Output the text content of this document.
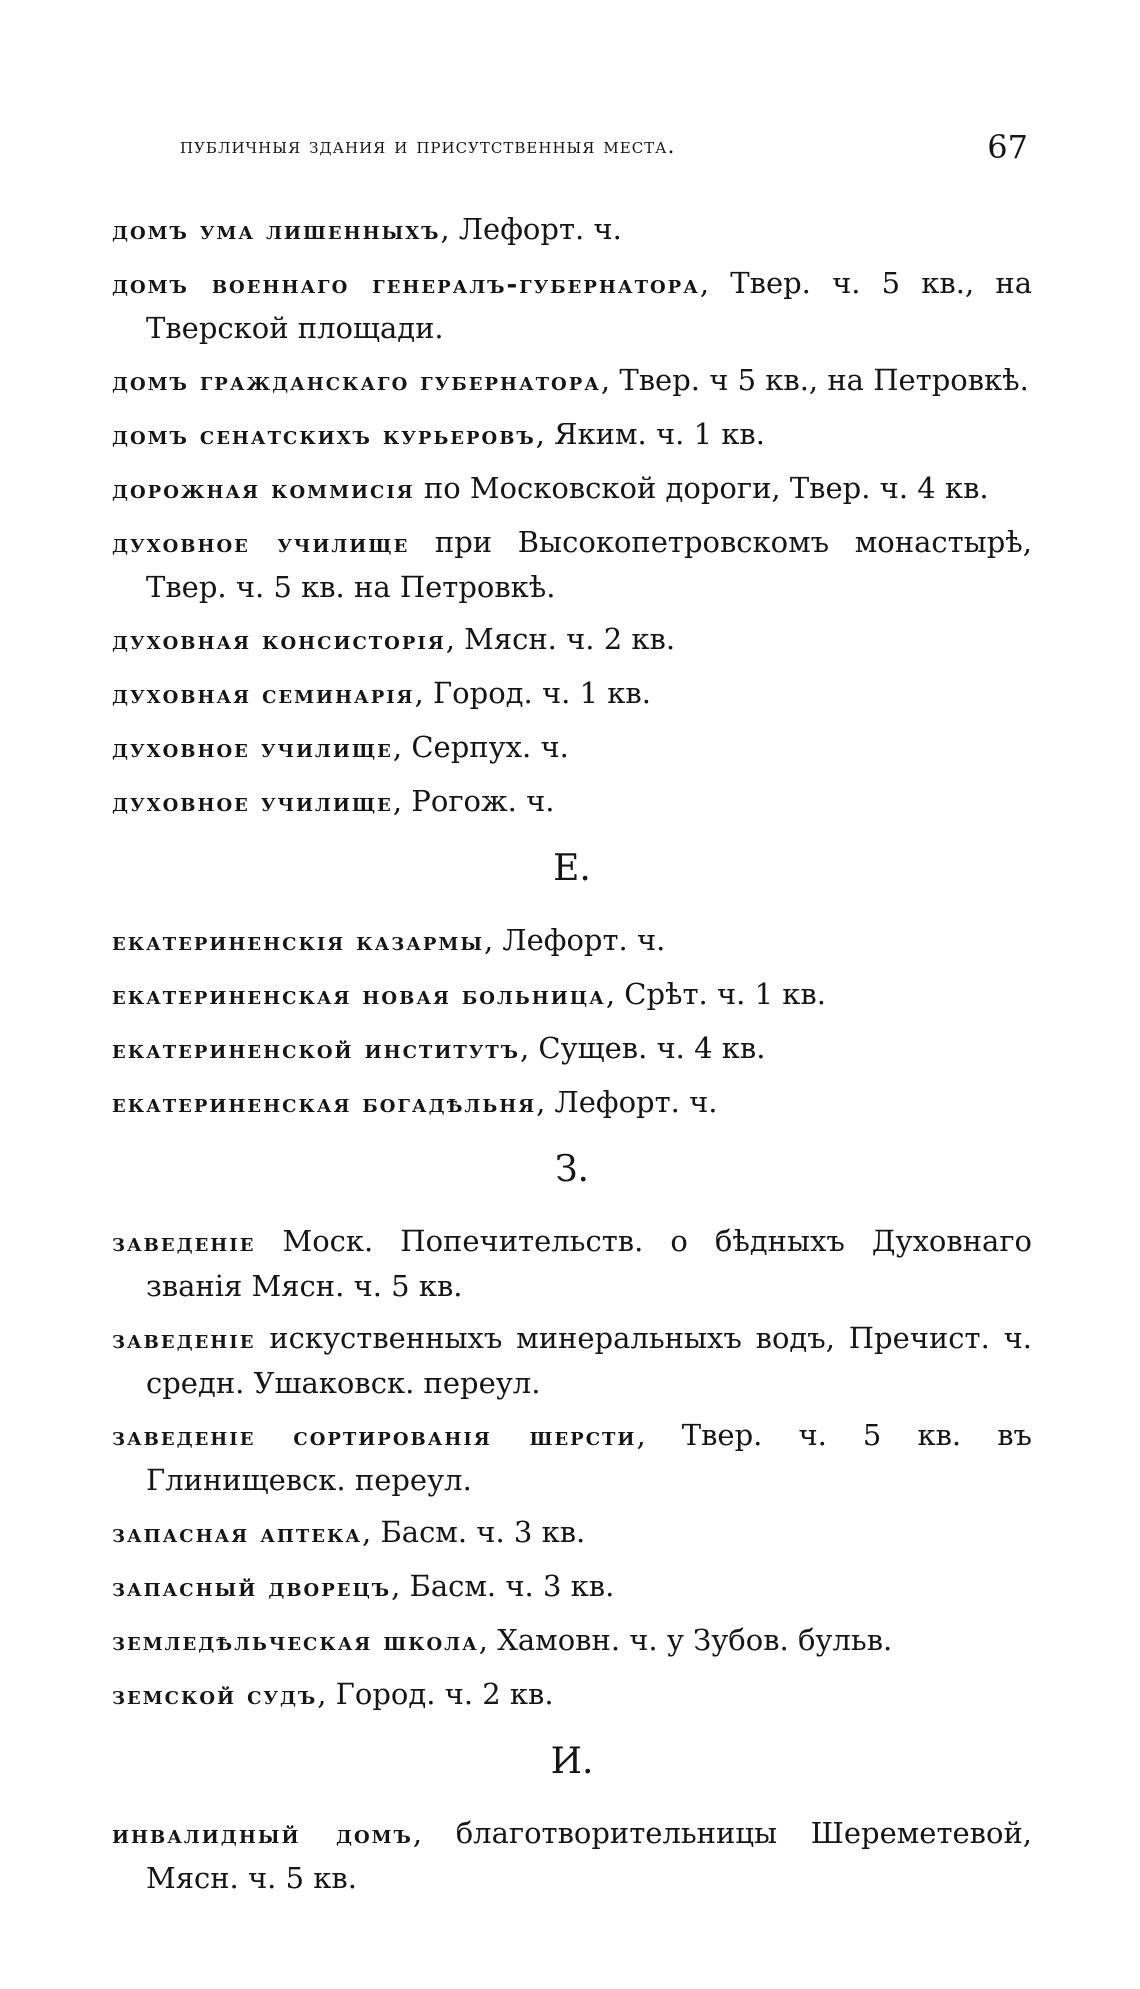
публичныя здания и присутственныя места.	67

домъ ума лишенныхъ, Лефорт. ч.

домъ военнаго генералъ-губернатора, Твер. ч. 5 кв., на Тверской площади.

домъ гражданскаго губернатора, Твер. ч 5 кв., на Петровкѣ.

домъ сенатскихъ курьеровъ, Яким. ч. 1 кв.

дорожная коммисiя по Московской дороги, Твер. ч. 4 кв.

духовное училище при Высокопетровскомъ монастырѣ, Твер. ч. 5 кв. на Петровкѣ.

духовная консисторiя, Мясн. ч. 2 кв.

духовная семинарiя, Город. ч. 1 кв.

духовное училище, Серпух. ч.

духовное училище, Рогож. ч.

Е.

екатериненскiя казармы, Лефорт. ч.

екатериненская новая больница, Срѣт. ч. 1 кв.

екатериненской институтъ, Сущев. ч. 4 кв.

екатериненская богадѣльня, Лефорт. ч.

З.

заведенiе Моск. Попечительств. о бѣдныхъ Духовнаго званiя Мясн. ч. 5 кв.

заведенiе искуственныхъ минеральныхъ водъ, Пречист. ч. средн. Ушаковск. переул.

заведенiе сортированiя шерсти, Твер. ч. 5 кв. въ Глинищевск. переул.

запасная аптека, Басм. ч. 3 кв.

запасный дворецъ, Басм. ч. 3 кв.

земледѣльческая школа, Хамовн. ч. у Зубов. бульв.

земской судъ, Город. ч. 2 кв.

И.

инвалидный домъ, благотворительницы Шереметевой, Мясн. ч. 5 кв.
